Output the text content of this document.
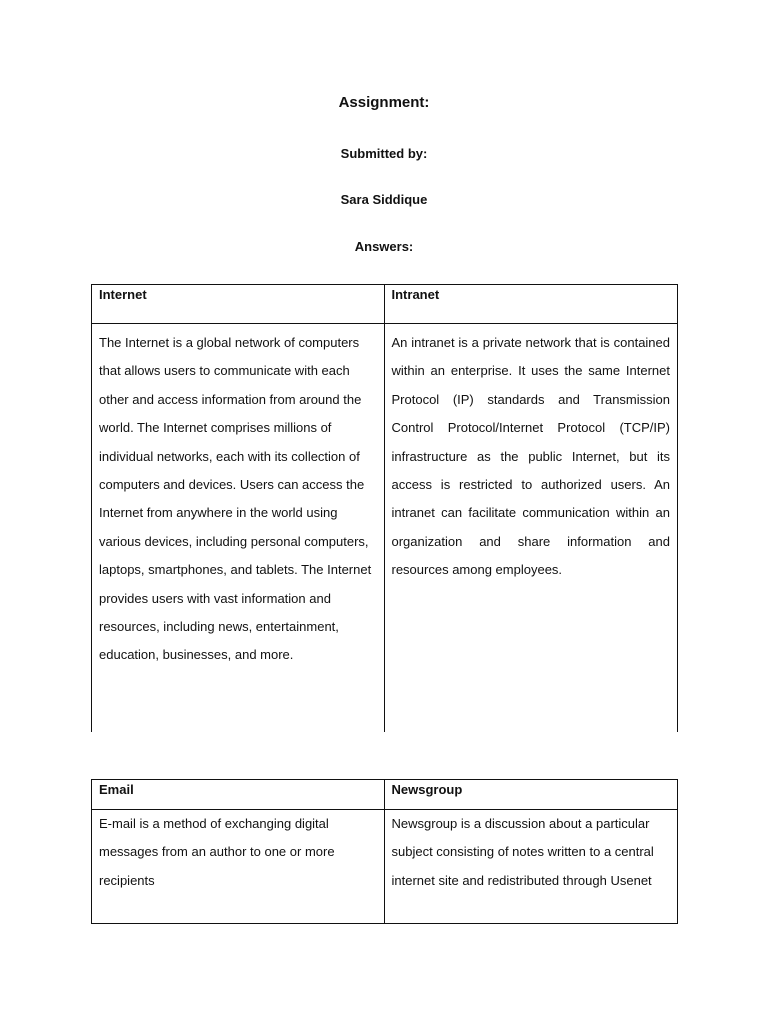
Assignment:
Submitted by:
Sara Siddique
Answers:
Internet	Intranet
The Internet is a global network of computers that allows users to communicate with each other and access information from around the world. The Internet comprises millions of individual networks, each with its collection of computers and devices. Users can access the Internet from anywhere in the world using various devices, including personal computers, laptops, smartphones, and tablets. The Internet provides users with vast information and resources, including news, entertainment, education, businesses, and more.
An intranet is a private network that is contained within an enterprise. It uses the same Internet Protocol (IP) standards and Transmission Control Protocol/Internet Protocol (TCP/IP) infrastructure as the public Internet, but its access is restricted to authorized users. An intranet can facilitate communication within an organization and share information and resources among employees.
Email	Newsgroup
E-mail is a method of exchanging digital messages from an author to one or more recipients
Newsgroup is a discussion about a particular subject consisting of notes written to a central internet site and redistributed through Usenet
